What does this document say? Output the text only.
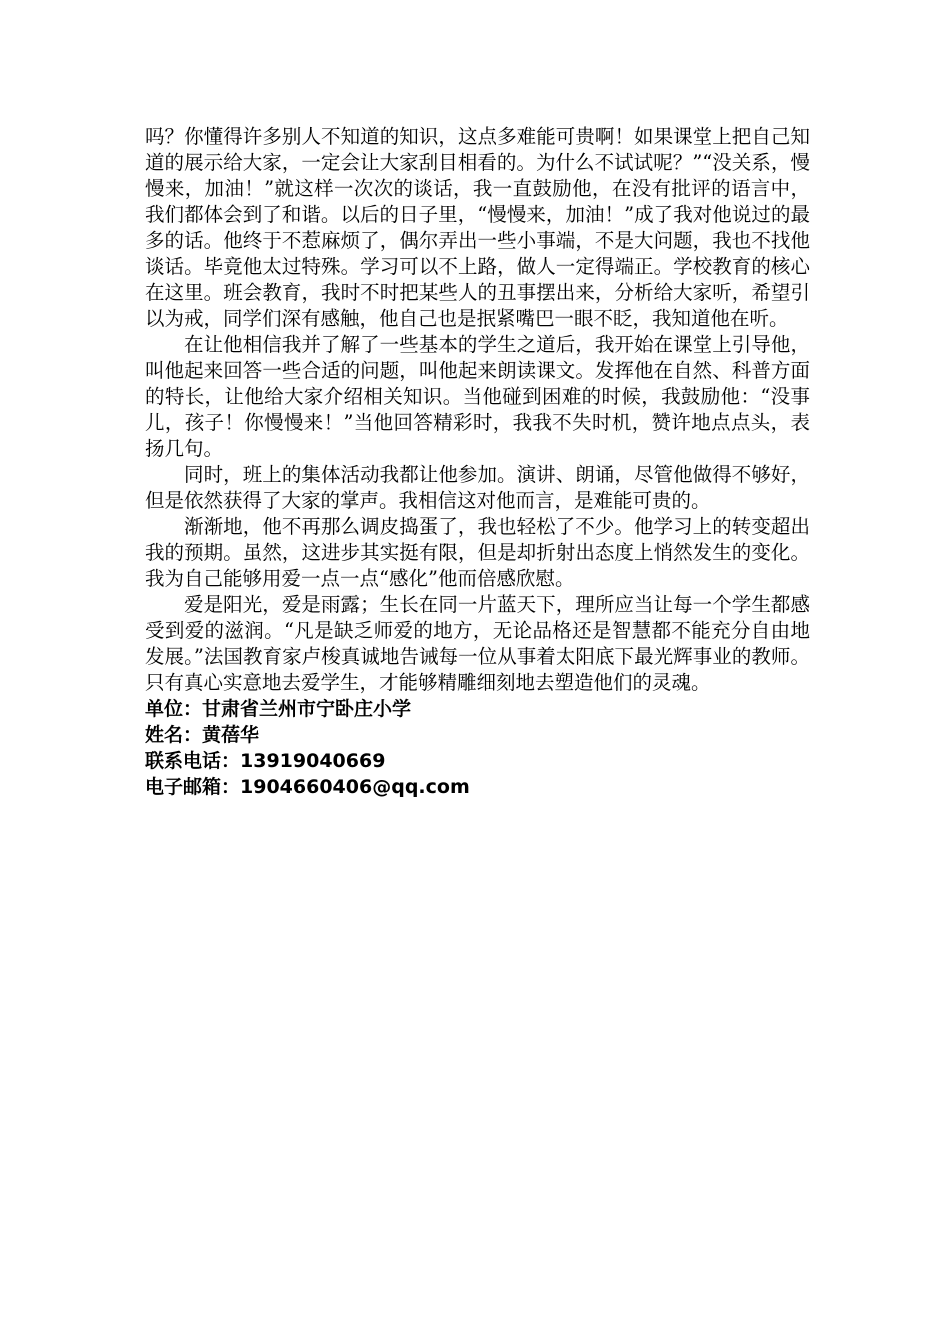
吗？你懂得许多别人不知道的知识，这点多难能可贵啊！如果课堂上把自己知道的展示给大家，一定会让大家刮目相看的。为什么不试试呢？”“没关系，慢慢来，加油！”就这样一次次的谈话，我一直鼓励他，在没有批评的语言中，我们都体会到了和谐。以后的日子里，“慢慢来，加油！”成了我对他说过的最多的话。他终于不惹麻烦了，偶尔弄出一些小事端，不是大问题，我也不找他谈话。毕竟他太过特殊。学习可以不上路，做人一定得端正。学校教育的核心在这里。班会教育，我时不时把某些人的丑事摆出来，分析给大家听，希望引以为戒，同学们深有感触，他自己也是抿紧嘴巴一眼不眨，我知道他在听。

在让他相信我并了解了一些基本的学生之道后，我开始在课堂上引导他，叫他起来回答一些合适的问题，叫他起来朗读课文。发挥他在自然、科普方面的特长，让他给大家介绍相关知识。当他碰到困难的时候，我鼓励他：“没事儿，孩子！你慢慢来！”当他回答精彩时，我我不失时机，赞许地点点头，表扬几句。

同时，班上的集体活动我都让他参加。演讲、朗诵，尽管他做得不够好，但是依然获得了大家的掌声。我相信这对他而言，是难能可贵的。

渐渐地，他不再那么调皮捣蛋了，我也轻松了不少。他学习上的转变超出我的预期。虽然，这进步其实挺有限，但是却折射出态度上悄然发生的变化。我为自己能够用爱一点一点“感化”他而倍感欣慰。

爱是阳光，爱是雨露；生长在同一片蓝天下，理所应当让每一个学生都感受到爱的滋润。“凡是缺乏师爱的地方，无论品格还是智慧都不能充分自由地发展。”法国教育家卢梭真诚地告诫每一位从事着太阳底下最光辉事业的教师。只有真心实意地去爱学生，才能够精雕细刻地去塑造他们的灵魂。

单位：甘肃省兰州市宁卧庄小学

姓名：黄蓓华

联系电话：13919040669

电子邮箱：1904660406@qq.com
